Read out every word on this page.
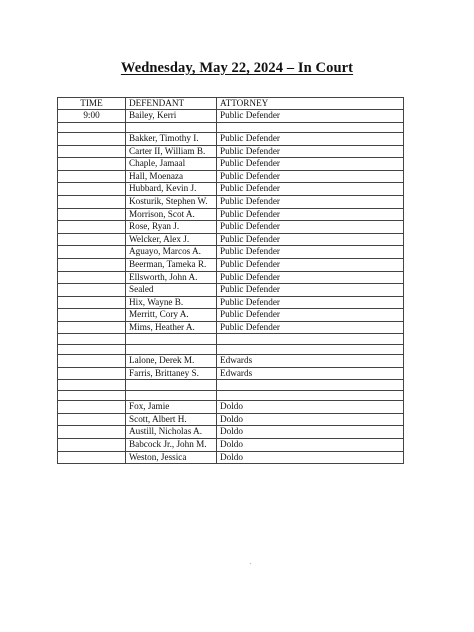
Wednesday, May 22, 2024 – In Court
TIME	DEFENDANT	ATTORNEY
9:00	Bailey, Kerri	Public Defender

	Bakker, Timothy I.	Public Defender
	Carter II, William B.	Public Defender
	Chaple, Jamaal	Public Defender
	Hall, Moenaza	Public Defender
	Hubbard, Kevin J.	Public Defender
	Kosturik, Stephen W.	Public Defender
	Morrison, Scot A.	Public Defender
	Rose, Ryan J.	Public Defender
	Welcker, Alex J.	Public Defender
	Aguayo, Marcos A.	Public Defender
	Beerman, Tameka R.	Public Defender
	Ellsworth, John A.	Public Defender
	Sealed	Public Defender
	Hix, Wayne B.	Public Defender
	Merritt, Cory A.	Public Defender
	Mims, Heather A.	Public Defender

	Lalone, Derek M.	Edwards
	Farris, Brittaney S.	Edwards

	Fox, Jamie	Doldo
	Scott, Albert H.	Doldo
	Austill, Nicholas A.	Doldo
	Babcock Jr., John M.	Doldo
	Weston, Jessica	Doldo
